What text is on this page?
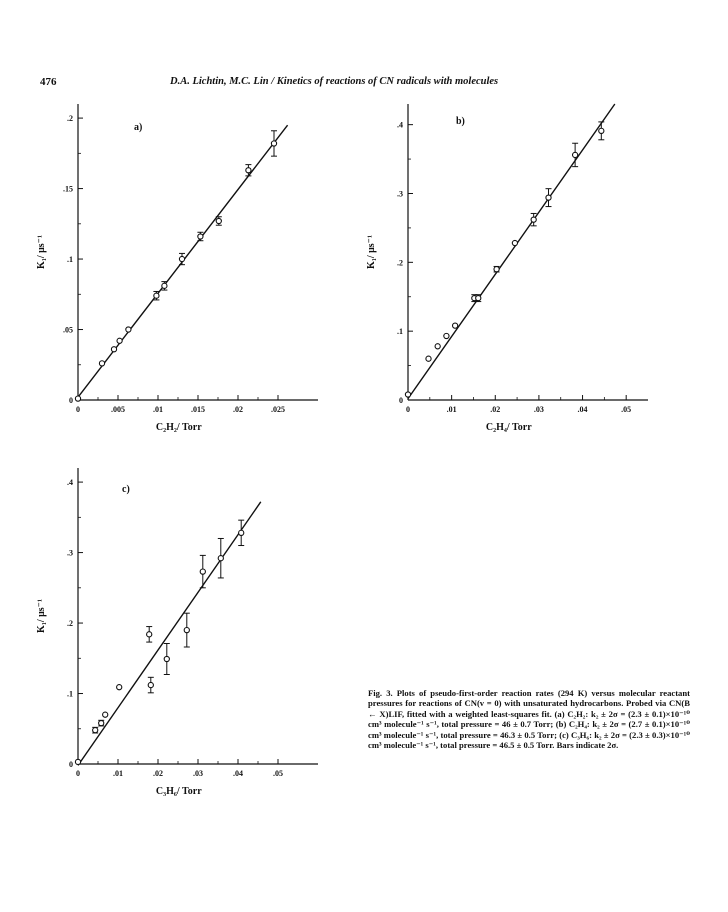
476	D.A. Lichtin, M.C. Lin / Kinetics of reactions of CN radicals with molecules
0	.005	.01	.015	.02	.025
0
.05
.1
.15
.2
a)
K₁/ μs⁻¹
C₂H₂/ Torr
0	.01	.02	.03	.04	.05
0
.1
.2
.3
.4	b)
K₁/ μs⁻¹
C₂H₄/ Torr
0	.01	.02	.03	.04	.05
0
.1
.2
.3
.4
c)
K₁/ μs⁻¹
C₃H₆/ Torr
Fig. 3. Plots of pseudo-first-order reaction rates (294 K) versus molecular reactant pressures for reactions of CN(v = 0) with unsaturated hydrocarbons. Probed via CN(B ← X)LIF, fitted with a weighted least-squares fit. (a) C₂H₂: k₂ ± 2σ = (2.3 ± 0.1)×10⁻¹⁰ cm³ molecule⁻¹ s⁻¹, total pressure = 46 ± 0.7 Torr; (b) C₂H₄: k₂ ± 2σ = (2.7 ± 0.1)×10⁻¹⁰ cm³ molecule⁻¹ s⁻¹, total pressure = 46.3 ± 0.5 Torr; (c) C₃H₆: k₂ ± 2σ = (2.3 ± 0.3)×10⁻¹⁰ cm³ molecule⁻¹ s⁻¹, total pressure = 46.5 ± 0.5 Torr. Bars indicate 2σ.
